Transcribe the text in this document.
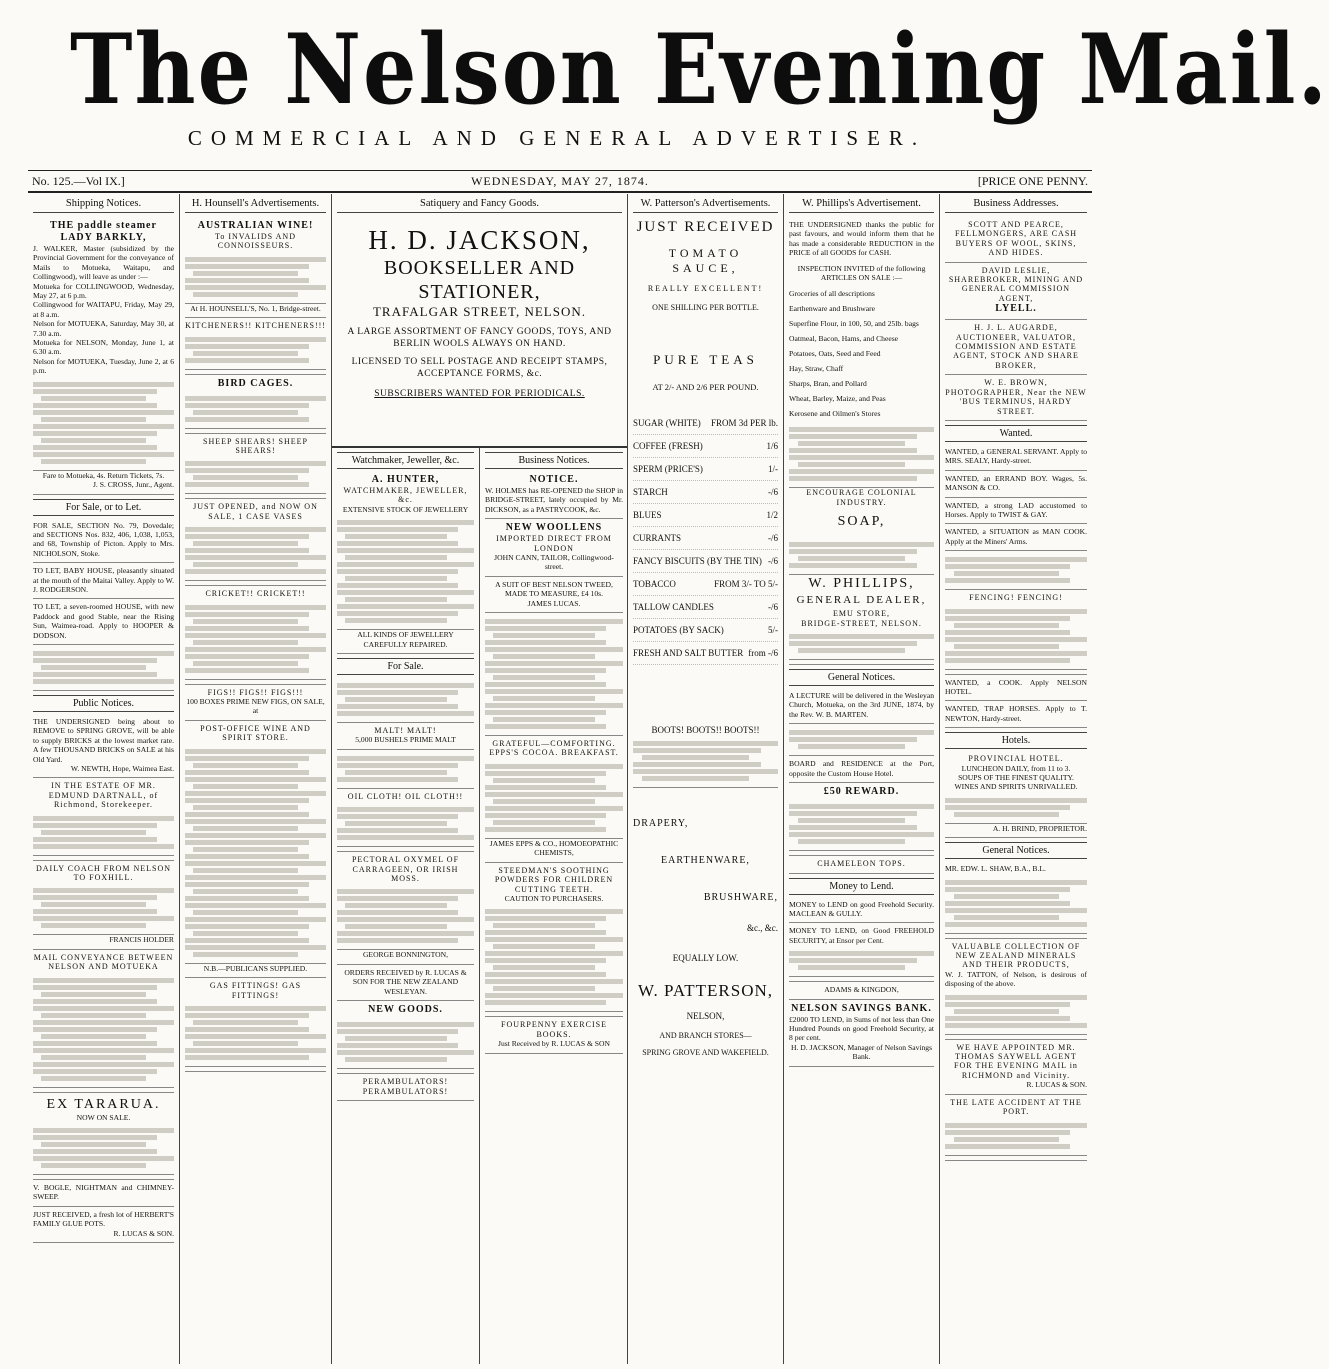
The Nelson Evening Mail.
COMMERCIAL AND GENERAL ADVERTISER.
WEDNESDAY, MAY 27, 1874.
No. 125.—Vol IX.]	[PRICE ONE PENNY.
Shipping Notices.
THE paddle steamer LADY BARKLY,
J. WALKER, Master (subsidized by the Provincial Government for the conveyance of Mails to Motueka, Waitapu, and Collingwood), will leave as under :—
Motueka for COLLINGWOOD, Wednesday, May 27, at 6 p.m.
Collingwood for WAITAPU, Friday, May 29, at 8 a.m.
Nelson for MOTUEKA, Saturday, May 30, at 7.30 a.m.
Motueka for NELSON, Monday, June 1, at 6.30 a.m.
Nelson for MOTUEKA, Tuesday, June 2, at 6 p.m.
Fare to Motueka, 4s. Return Tickets, 7s.
J. S. CROSS, Junr., Agent.
For Sale, or to Let.
FOR SALE, SECTION No. 79, Dovedale; and SECTIONS Nos. 832, 406, 1,038, 1,053, and 68, Township of Picton. Apply to Mrs. NICHOLSON, Stoke.
TO LET, BABY HOUSE, pleasantly situated at the mouth of the Maitai Valley. Apply to W. J. RODGERSON.
TO LET, a seven-roomed HOUSE, with new Paddock and good Stable, near the Rising Sun, Waimea-road. Apply to HOOPER & DODSON.
Public Notices.
THE UNDERSIGNED being about to REMOVE to SPRING GROVE, will be able to supply BRICKS at the lowest market rate. A few THOUSAND BRICKS on SALE at his Old Yard.
W. NEWTH, Hope, Waimea East.
IN THE ESTATE OF MR. EDMUND DARTNALL, of Richmond, Storekeeper.
DAILY COACH FROM NELSON TO FOXHILL.
FRANCIS HOLDER
MAIL CONVEYANCE BETWEEN NELSON AND MOTUEKA
EX TARARUA.
NOW ON SALE.
V. BOGLE, NIGHTMAN and CHIMNEY-SWEEP.
JUST RECEIVED, a fresh lot of HERBERT'S FAMILY GLUE POTS.
R. LUCAS & SON.
H. Hounsell's Advertisements.
AUSTRALIAN WINE!
To INVALIDS AND CONNOISSEURS.
At H. HOUNSELL'S, No. 1, Bridge-street.
KITCHENERS!! KITCHENERS!!!
BIRD CAGES.
SHEEP SHEARS! SHEEP SHEARS!
JUST OPENED, and NOW ON SALE, 1 CASE VASES
CRICKET!! CRICKET!!
FIGS!! FIGS!! FIGS!!!
100 BOXES PRIME NEW FIGS, ON SALE, at
POST-OFFICE WINE AND SPIRIT STORE.
N.B.—PUBLICANS SUPPLIED.
GAS FITTINGS! GAS FITTINGS!
Satiquery and Fancy Goods.
H. D. JACKSON,
BOOKSELLER AND STATIONER,
TRAFALGAR STREET, NELSON.
A LARGE ASSORTMENT OF FANCY GOODS, TOYS, AND BERLIN WOOLS ALWAYS ON HAND.
LICENSED TO SELL POSTAGE AND RECEIPT STAMPS, ACCEPTANCE FORMS, &c.
SUBSCRIBERS WANTED FOR PERIODICALS.
Watchmaker, Jeweller, &c.
A. HUNTER,
WATCHMAKER, JEWELLER, &c.
EXTENSIVE STOCK OF JEWELLERY
ALL KINDS OF JEWELLERY CAREFULLY REPAIRED.
For Sale.
MALT! MALT!
5,000 BUSHELS PRIME MALT
OIL CLOTH! OIL CLOTH!!
PECTORAL OXYMEL OF CARRAGEEN, OR IRISH MOSS.
GEORGE BONNINGTON,
ORDERS RECEIVED by R. LUCAS & SON FOR THE NEW ZEALAND WESLEYAN.
NEW GOODS.
PERAMBULATORS! PERAMBULATORS!
Business Notices.
NOTICE.
W. HOLMES has RE-OPENED the SHOP in BRIDGE-STREET, lately occupied by Mr. DICKSON, as a PASTRYCOOK, &c.
NEW WOOLLENS
IMPORTED DIRECT FROM LONDON
JOHN CANN, TAILOR, Collingwood-street.
A SUIT OF BEST NELSON TWEED, MADE TO MEASURE, £4 10s.
JAMES LUCAS.
GRATEFUL—COMFORTING. EPPS'S COCOA. BREAKFAST.
JAMES EPPS & CO., HOMOEOPATHIC CHEMISTS,
STEEDMAN'S SOOTHING POWDERS FOR CHILDREN CUTTING TEETH.
CAUTION TO PURCHASERS.
FOURPENNY EXERCISE BOOKS.
Just Received by R. LUCAS & SON
W. Patterson's Advertisements.
JUST RECEIVED
TOMATO SAUCE,
REALLY EXCELLENT!
ONE SHILLING PER BOTTLE.
PURE TEAS
AT 2/- AND 2/6 PER POUND.
SUGAR (WHITE) FROM 3d PER lb.
COFFEE (FRESH)	1/6
SPERM (PRICE'S)	1/-
STARCH	-/6
BLUES	1/2
CURRANTS	-/6
FANCY BISCUITS (BY THE TIN) -/6
TOBACCO	FROM 3/- TO 5/-
TALLOW CANDLES	-/6
POTATOES (BY SACK)	5/-
FRESH AND SALT BUTTER from -/6
BOOTS! BOOTS!! BOOTS!!
DRAPERY,
EARTHENWARE,
BRUSHWARE,
&c., &c.
EQUALLY LOW.
W. PATTERSON,
NELSON,
AND BRANCH STORES—
SPRING GROVE AND WAKEFIELD.
W. Phillips's Advertisement.
THE UNDERSIGNED thanks the public for past favours, and would inform them that he has made a considerable REDUCTION in the PRICE of all GOODS for CASH.
INSPECTION INVITED of the following ARTICLES ON SALE :—
Groceries of all descriptions
Earthenware and Brushware
Superfine Flour, in 100, 50, and 25lb. bags
Oatmeal, Bacon, Hams, and Cheese
Potatoes, Oats, Seed and Feed
Hay, Straw, Chaff
Sharps, Bran, and Pollard
Wheat, Barley, Maize, and Peas
Kerosene and Oilmen's Stores
ENCOURAGE COLONIAL INDUSTRY.
SOAP,
W. PHILLIPS,
GENERAL DEALER,
EMU STORE,
BRIDGE-STREET, NELSON.
General Notices.
A LECTURE will be delivered in the Wesleyan Church, Motueka, on the 3rd JUNE, 1874, by the Rev. W. B. MARTEN.
BOARD and RESIDENCE at the Port, opposite the Custom House Hotel.
£50 REWARD.
CHAMELEON TOPS.
Money to Lend.
MONEY to LEND on good Freehold Security. MACLEAN & GULLY.
MONEY TO LEND, on Good FREEHOLD SECURITY, at Ensor per Cent.
ADAMS & KINGDON,
NELSON SAVINGS BANK.
£2000 TO LEND, in Sums of not less than One Hundred Pounds on good Freehold Security, at 8 per cent.
H. D. JACKSON, Manager of Nelson Savings Bank.
Business Addresses.
SCOTT AND PEARCE, FELLMONGERS, ARE CASH BUYERS OF WOOL, SKINS, AND HIDES.
DAVID LESLIE, SHAREBROKER, MINING AND GENERAL COMMISSION AGENT,
LYELL.
H. J. L. AUGARDE, AUCTIONEER, VALUATOR, COMMISSION AND ESTATE AGENT, STOCK AND SHARE BROKER,
W. E. BROWN, PHOTOGRAPHER, Near the NEW 'BUS TERMINUS, HARDY STREET.
Wanted.
WANTED, a GENERAL SERVANT. Apply to MRS. SEALY, Hardy-street.
WANTED, an ERRAND BOY. Wages, 5s. MANSON & CO.
WANTED, a strong LAD accustomed to Horses. Apply to TWIST & GAY.
WANTED, a SITUATION as MAN COOK. Apply at the Miners' Arms.
FENCING! FENCING!
WANTED, a COOK. Apply NELSON HOTEL.
WANTED, TRAP HORSES. Apply to T. NEWTON, Hardy-street.
Hotels.
PROVINCIAL HOTEL.
LUNCHEON DAILY, from 11 to 3.
SOUPS OF THE FINEST QUALITY.
WINES AND SPIRITS UNRIVALLED.
A. H. BRIND, PROPRIETOR.
General Notices.
MR. EDW. L. SHAW, B.A., B.L.
VALUABLE COLLECTION OF NEW ZEALAND MINERALS AND THEIR PRODUCTS,
W. J. TATTON, of Nelson, is desirous of disposing of the above.
WE HAVE APPOINTED MR. THOMAS SAYWELL AGENT FOR THE EVENING MAIL in RICHMOND and Vicinity.
R. LUCAS & SON.
THE LATE ACCIDENT AT THE PORT.
